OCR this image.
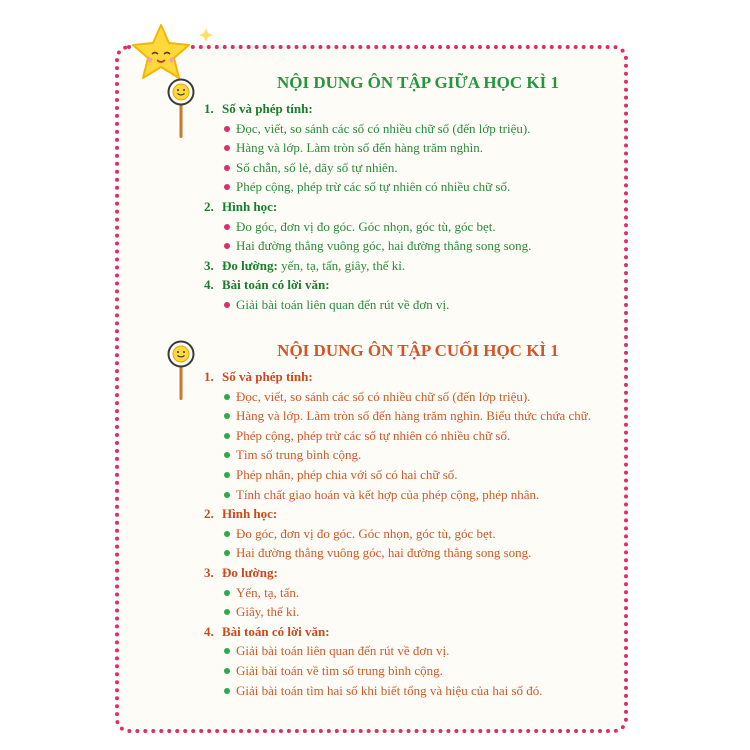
NỘI DUNG ÔN TẬP GIỮA HỌC KÌ 1
1. Số và phép tính:
Đọc, viết, so sánh các số có nhiều chữ số (đến lớp triệu).
Hàng và lớp. Làm tròn số đến hàng trăm nghìn.
Số chẵn, số lẻ, dãy số tự nhiên.
Phép cộng, phép trừ các số tự nhiên có nhiều chữ số.
2. Hình học:
Đo góc, đơn vị đo góc. Góc nhọn, góc tù, góc bẹt.
Hai đường thẳng vuông góc, hai đường thẳng song song.
3. Đo lường: yến, tạ, tấn, giây, thế kỉ.
4. Bài toán có lời văn:
Giải bài toán liên quan đến rút về đơn vị.
NỘI DUNG ÔN TẬP CUỐI HỌC KÌ 1
1. Số và phép tính:
Đọc, viết, so sánh các số có nhiều chữ số (đến lớp triệu).
Hàng và lớp. Làm tròn số đến hàng trăm nghìn. Biểu thức chứa chữ.
Phép cộng, phép trừ các số tự nhiên có nhiều chữ số.
Tìm số trung bình cộng.
Phép nhân, phép chia với số có hai chữ số.
Tính chất giao hoán và kết hợp của phép cộng, phép nhân.
2. Hình học:
Đo góc, đơn vị đo góc. Góc nhọn, góc tù, góc bẹt.
Hai đường thẳng vuông góc, hai đường thẳng song song.
3. Đo lường:
Yến, tạ, tấn.
Giây, thế kỉ.
4. Bài toán có lời văn:
Giải bài toán liên quan đến rút về đơn vị.
Giải bài toán về tìm số trung bình cộng.
Giải bài toán tìm hai số khi biết tổng và hiệu của hai số đó.
